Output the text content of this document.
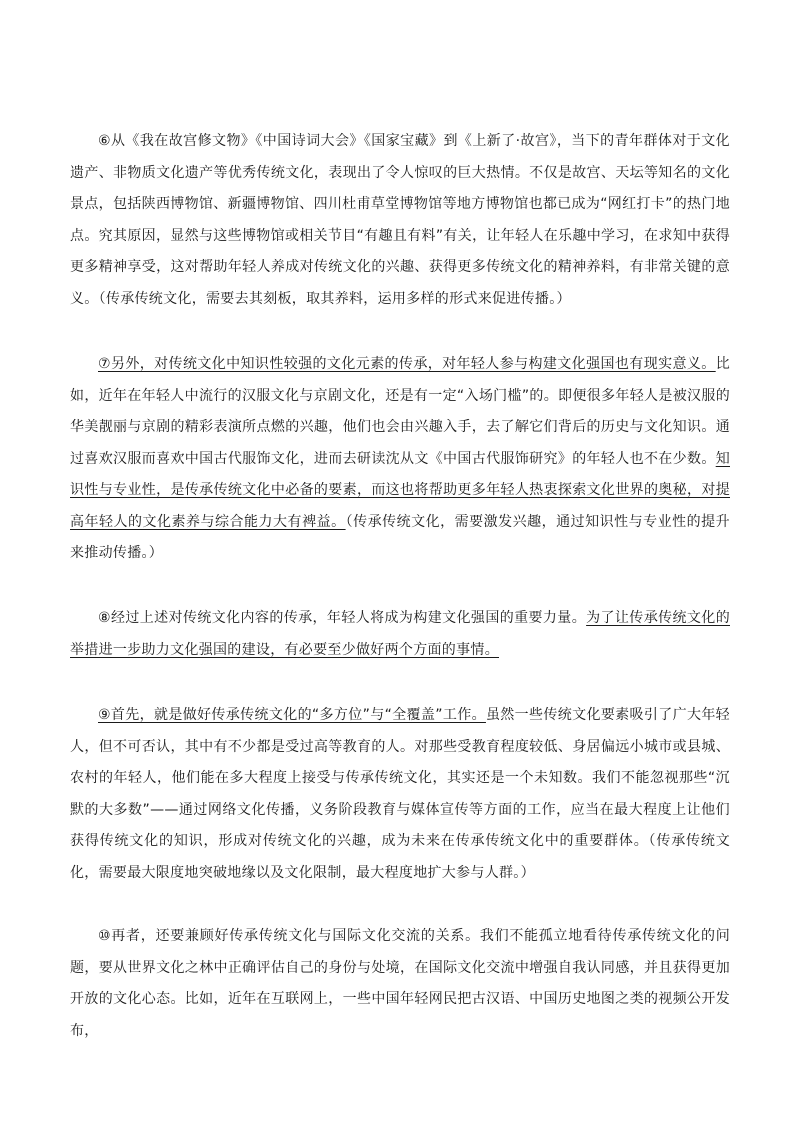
⑥从《我在故宫修文物》《中国诗词大会》《国家宝藏》到《上新了·故宫》，当下的青年群体对于文化遗产、非物质文化遗产等优秀传统文化，表现出了令人惊叹的巨大热情。不仅是故宫、天坛等知名的文化景点，包括陕西博物馆、新疆博物馆、四川杜甫草堂博物馆等地方博物馆也都已成为“网红打卡”的热门地点。究其原因，显然与这些博物馆或相关节目“有趣且有料”有关，让年轻人在乐趣中学习，在求知中获得更多精神享受，这对帮助年轻人养成对传统文化的兴趣、获得更多传统文化的精神养料，有非常关键的意义。（传承传统文化，需要去其刻板，取其养料，运用多样的形式来促进传播。）

⑦另外，对传统文化中知识性较强的文化元素的传承，对年轻人参与构建文化强国也有现实意义。比如，近年在年轻人中流行的汉服文化与京剧文化，还是有一定“入场门槛”的。即便很多年轻人是被汉服的华美靓丽与京剧的精彩表演所点燃的兴趣，他们也会由兴趣入手，去了解它们背后的历史与文化知识。通过喜欢汉服而喜欢中国古代服饰文化，进而去研读沈从文《中国古代服饰研究》的年轻人也不在少数。知识性与专业性，是传承传统文化中必备的要素，而这也将帮助更多年轻人热衷探索文化世界的奥秘，对提高年轻人的文化素养与综合能力大有裨益。（传承传统文化，需要激发兴趣，通过知识性与专业性的提升来推动传播。）

⑧经过上述对传统文化内容的传承，年轻人将成为构建文化强国的重要力量。为了让传承传统文化的举措进一步助力文化强国的建设，有必要至少做好两个方面的事情。

⑨首先，就是做好传承传统文化的“多方位”与“全覆盖”工作。虽然一些传统文化要素吸引了广大年轻人，但不可否认，其中有不少都是受过高等教育的人。对那些受教育程度较低、身居偏远小城市或县城、农村的年轻人，他们能在多大程度上接受与传承传统文化，其实还是一个未知数。我们不能忽视那些“沉默的大多数”——通过网络文化传播，义务阶段教育与媒体宣传等方面的工作，应当在最大程度上让他们获得传统文化的知识，形成对传统文化的兴趣，成为未来在传承传统文化中的重要群体。（传承传统文化，需要最大限度地突破地缘以及文化限制，最大程度地扩大参与人群。）

⑩再者，还要兼顾好传承传统文化与国际文化交流的关系。我们不能孤立地看待传承传统文化的问题，要从世界文化之林中正确评估自己的身份与处境，在国际文化交流中增强自我认同感，并且获得更加开放的文化心态。比如，近年在互联网上，一些中国年轻网民把古汉语、中国历史地图之类的视频公开发布，
